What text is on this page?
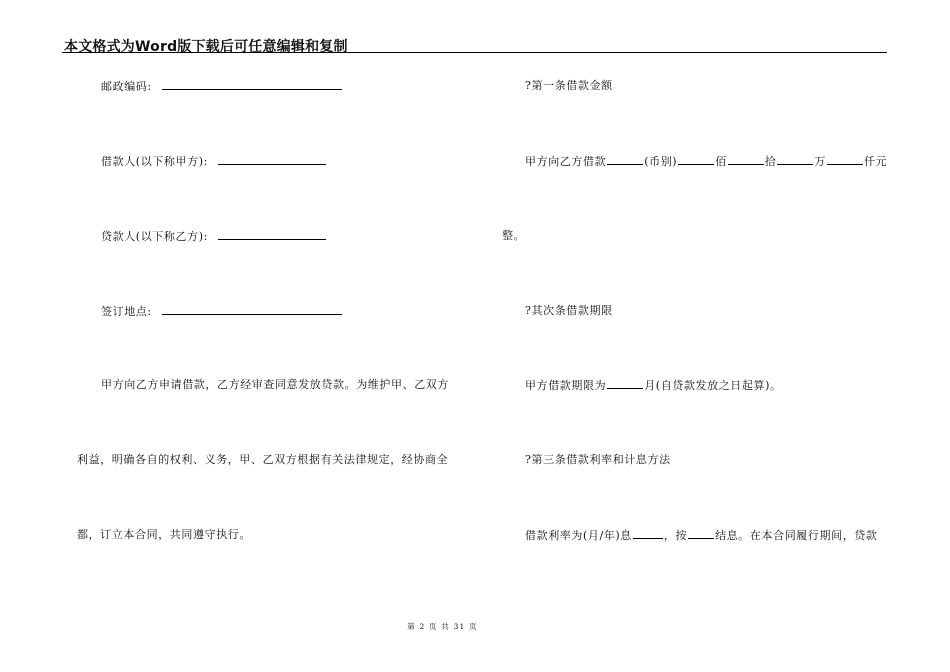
本文格式为Word版下载后可任意编辑和复制
邮政编码:
借款人(以下称甲方):
贷款人(以下称乙方):
签订地点:
甲方向乙方申请借款，乙方经审查同意发放贷款。为维护甲、乙双方
利益，明确各自的权利、义务，甲、乙双方根据有关法律规定，经协商全
都，订立本合同，共同遵守执行。
?第一条借款金额
甲方向乙方借款	(币别)	佰	拾	万	仟元
整。
?其次条借款期限
甲方借款期限为	月(自贷款发放之日起算)。
?第三条借款利率和计息方法
借款利率为(月/年)息	，按	结息。在本合同履行期间，贷款
第 2 页 共 31 页
